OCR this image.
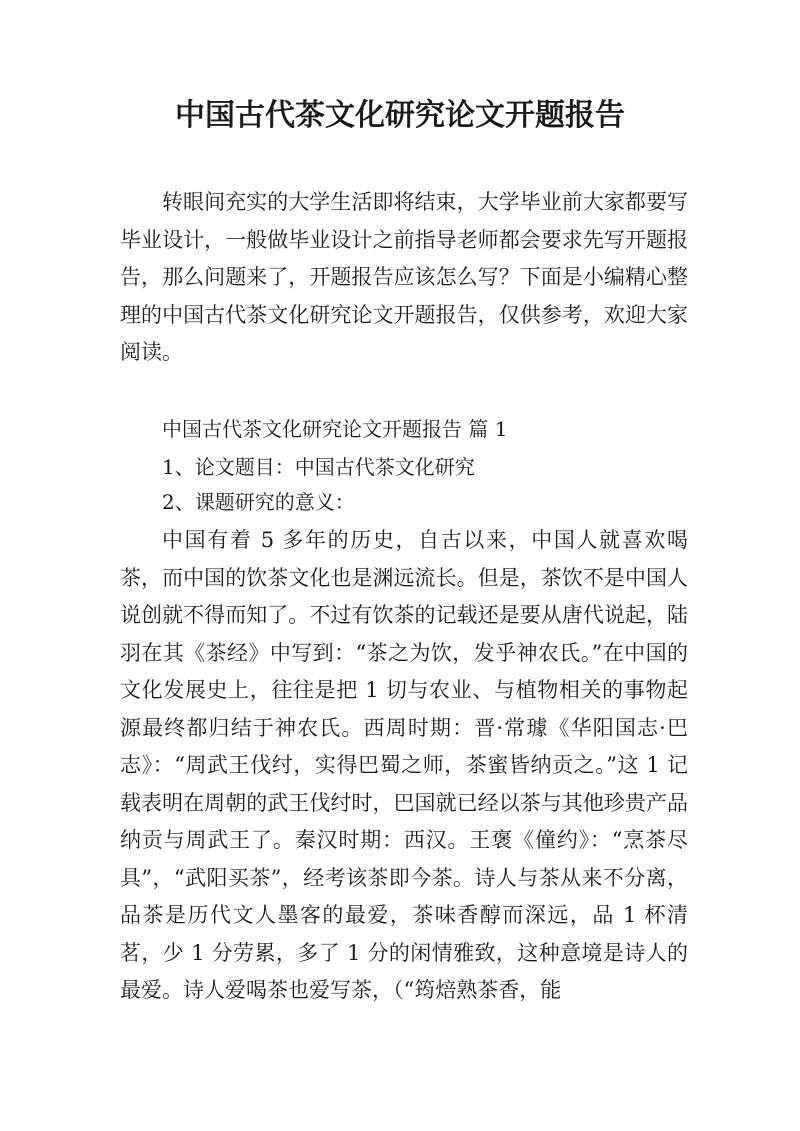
中国古代茶文化研究论文开题报告

转眼间充实的大学生活即将结束，大学毕业前大家都要写毕业设计，一般做毕业设计之前指导老师都会要求先写开题报告，那么问题来了，开题报告应该怎么写？下面是小编精心整理的中国古代茶文化研究论文开题报告，仅供参考，欢迎大家阅读。

中国古代茶文化研究论文开题报告 篇 1
1、论文题目：中国古代茶文化研究
2、课题研究的意义：

中国有着 5 多年的历史，自古以来，中国人就喜欢喝茶，而中国的饮茶文化也是渊远流长。但是，茶饮不是中国人说创就不得而知了。不过有饮茶的记载还是要从唐代说起，陆羽在其《茶经》中写到：“茶之为饮，发乎神农氏。”在中国的文化发展史上，往往是把 1 切与农业、与植物相关的事物起源最终都归结于神农氏。西周时期：晋·常璩《华阳国志·巴志》：“周武王伐纣，实得巴蜀之师，茶蜜皆纳贡之。”这 1 记载表明在周朝的武王伐纣时，巴国就已经以茶与其他珍贵产品纳贡与周武王了。秦汉时期：西汉。王褒《僮约》：“烹茶尽具”，“武阳买茶”，经考该茶即今茶。诗人与茶从来不分离，品茶是历代文人墨客的最爱，茶味香醇而深远，品 1 杯清茗，少 1 分劳累，多了 1 分的闲情雅致，这种意境是诗人的最爱。诗人爱喝茶也爱写茶，（“筠焙熟茶香，能
